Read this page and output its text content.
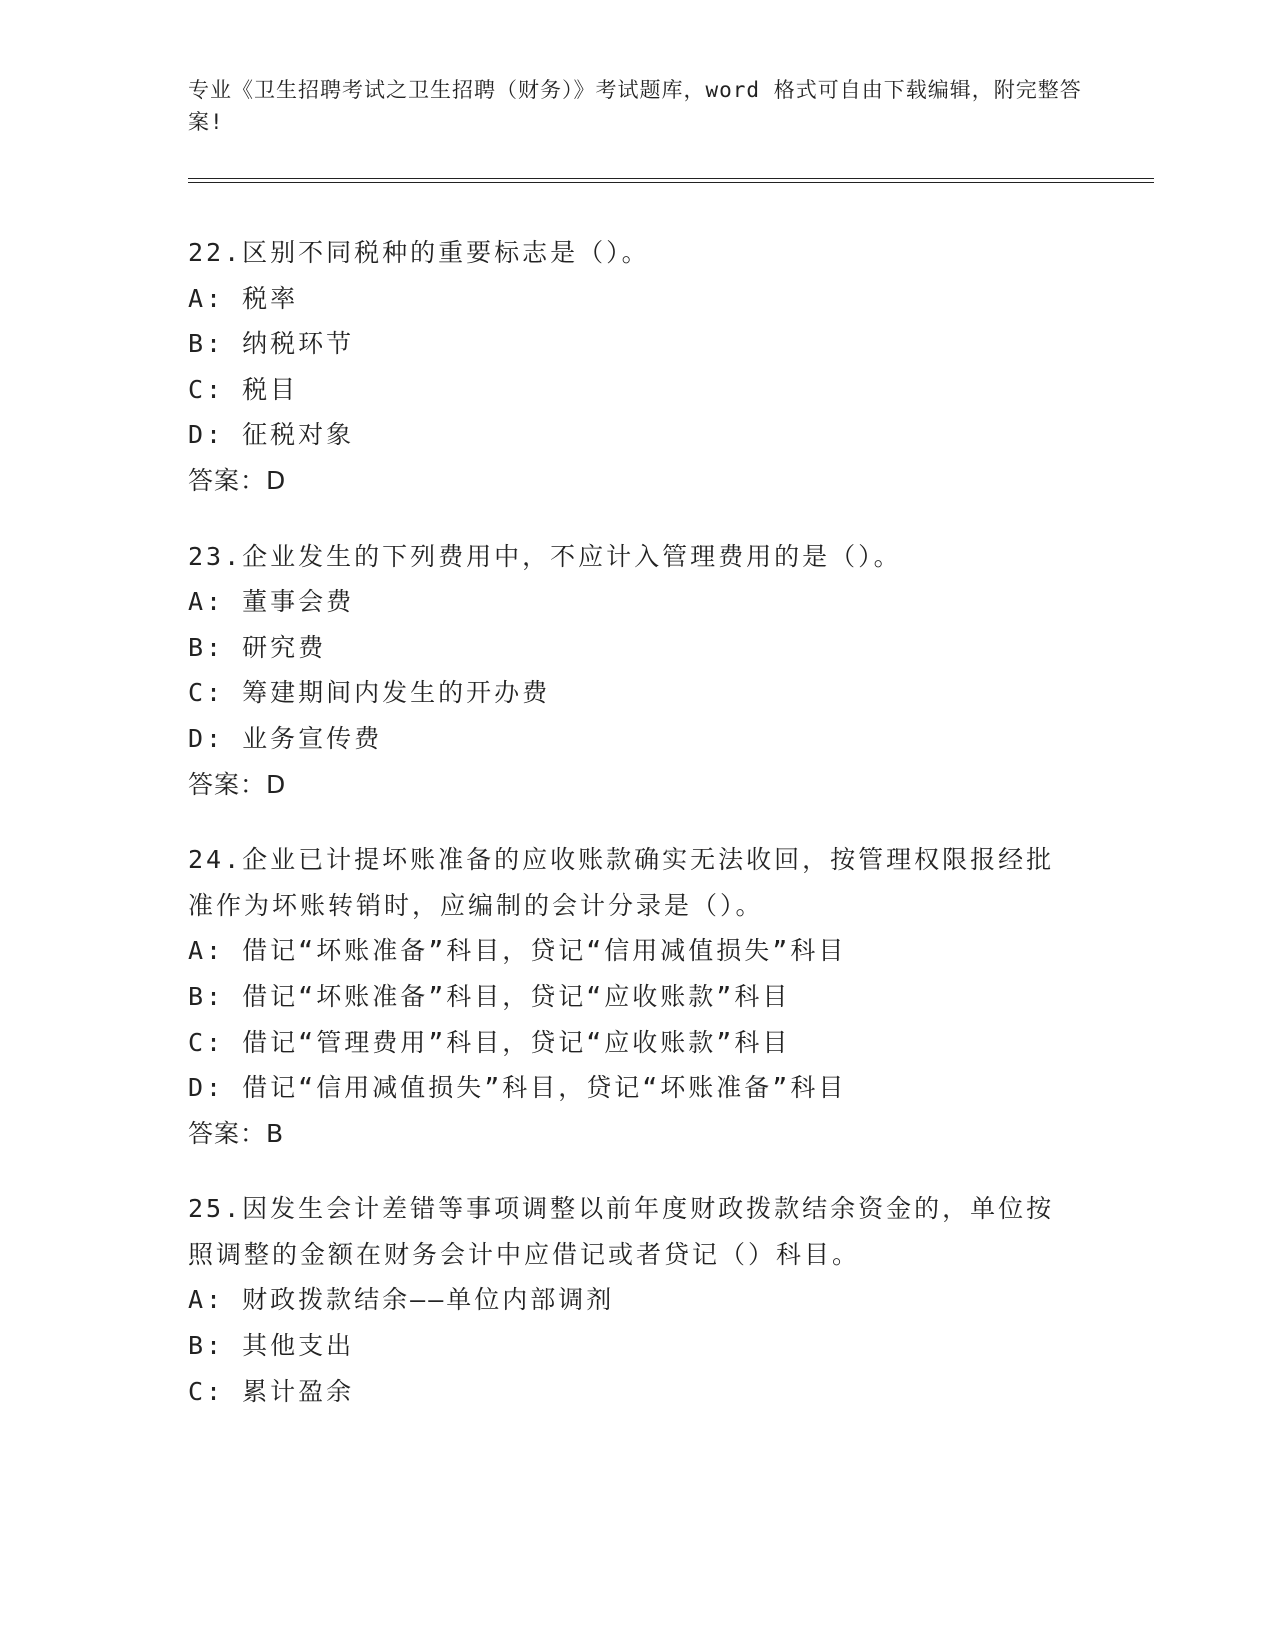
专业《卫生招聘考试之卫生招聘（财务）》考试题库，word 格式可自由下载编辑，附完整答案!
22.区别不同税种的重要标志是（）。
A: 税率
B: 纳税环节
C: 税目
D: 征税对象
答案：D
23.企业发生的下列费用中，不应计入管理费用的是（）。
A: 董事会费
B: 研究费
C: 筹建期间内发生的开办费
D: 业务宣传费
答案：D
24.企业已计提坏账准备的应收账款确实无法收回，按管理权限报经批
准作为坏账转销时，应编制的会计分录是（）。
A: 借记“坏账准备”科目，贷记“信用减值损失”科目
B: 借记“坏账准备”科目，贷记“应收账款”科目
C: 借记“管理费用”科目，贷记“应收账款”科目
D: 借记“信用减值损失”科目，贷记“坏账准备”科目
答案：B
25.因发生会计差错等事项调整以前年度财政拨款结余资金的，单位按
照调整的金额在财务会计中应借记或者贷记（）科目。
A: 财政拨款结余——单位内部调剂
B: 其他支出
C: 累计盈余
